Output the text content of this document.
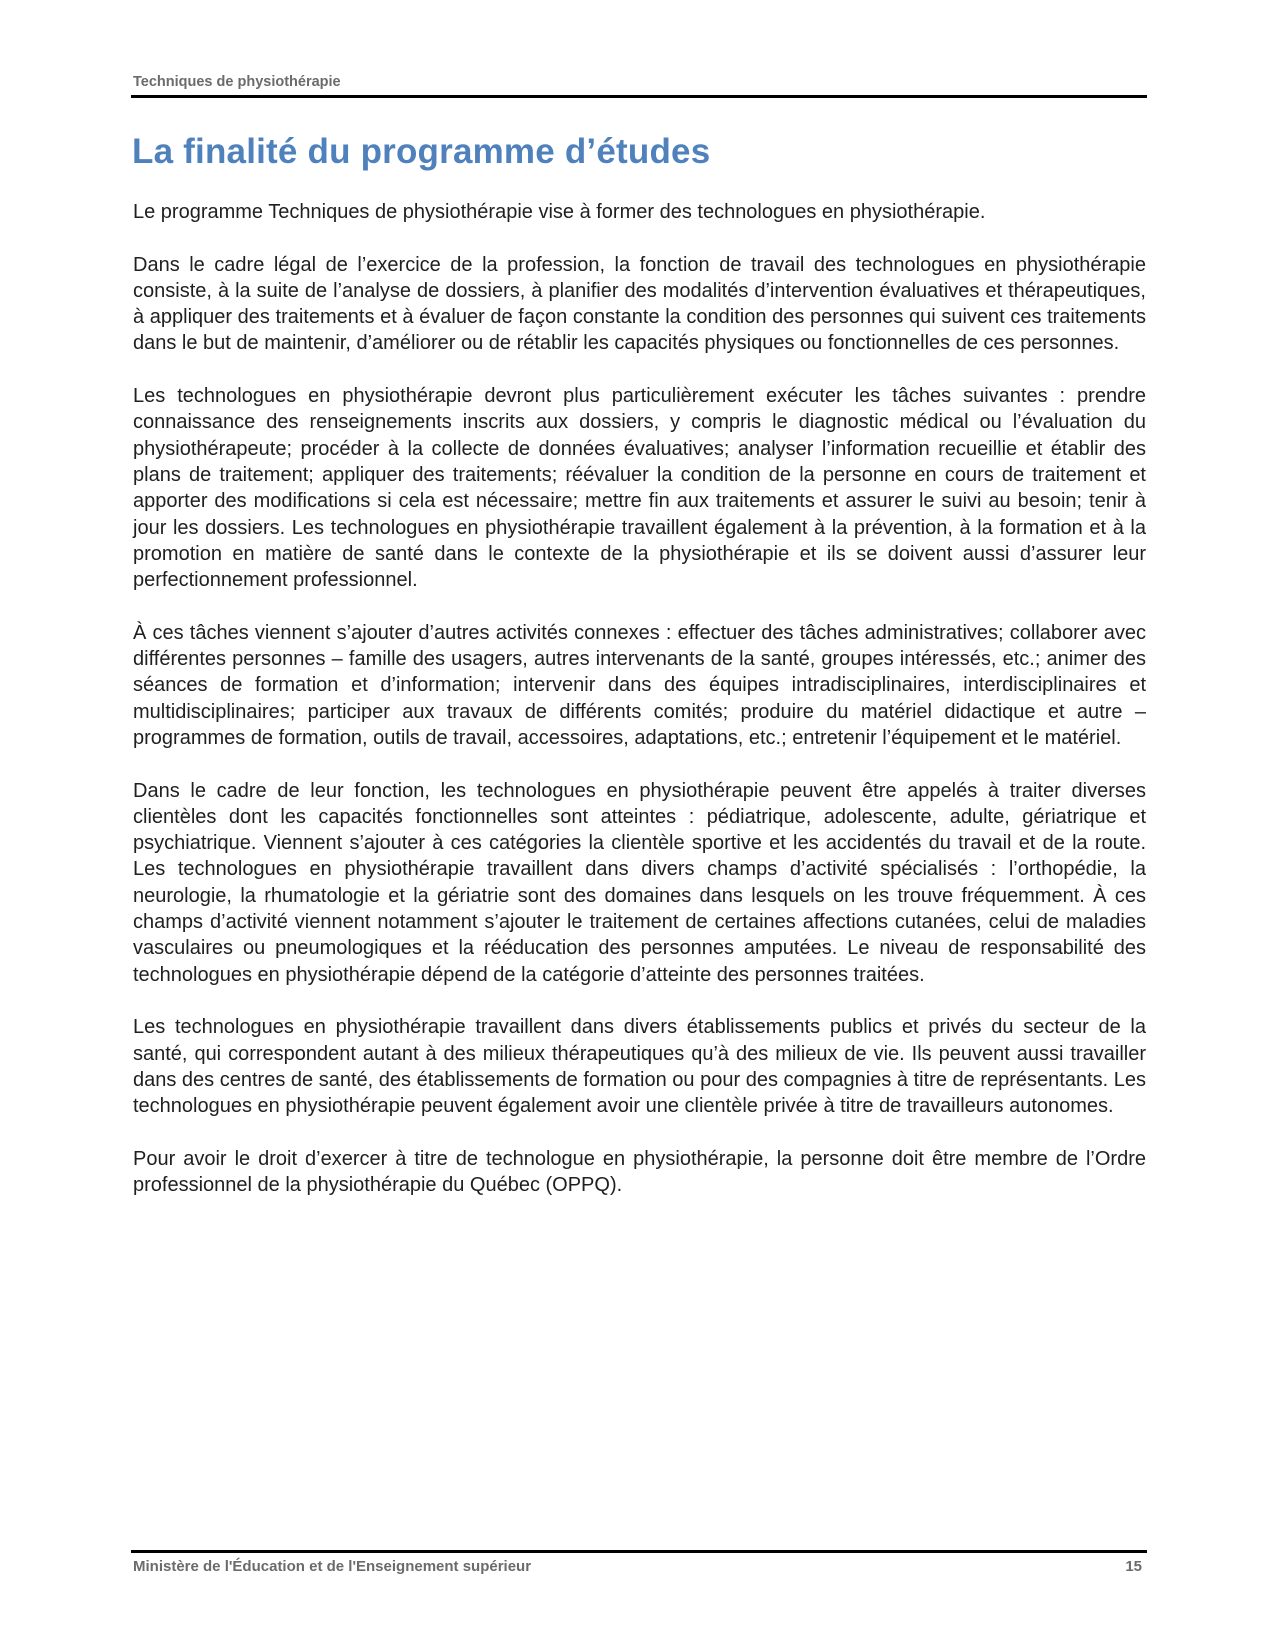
Techniques de physiothérapie
La finalité du programme d’études

Le programme Techniques de physiothérapie vise à former des technologues en physiothérapie.

Dans le cadre légal de l’exercice de la profession, la fonction de travail des technologues en physiothérapie consiste, à la suite de l’analyse de dossiers, à planifier des modalités d’intervention évaluatives et thérapeutiques, à appliquer des traitements et à évaluer de façon constante la condition des personnes qui suivent ces traitements dans le but de maintenir, d’améliorer ou de rétablir les capacités physiques ou fonctionnelles de ces personnes.

Les technologues en physiothérapie devront plus particulièrement exécuter les tâches suivantes : prendre connaissance des renseignements inscrits aux dossiers, y compris le diagnostic médical ou l’évaluation du physiothérapeute; procéder à la collecte de données évaluatives; analyser l’information recueillie et établir des plans de traitement; appliquer des traitements; réévaluer la condition de la personne en cours de traitement et apporter des modifications si cela est nécessaire; mettre fin aux traitements et assurer le suivi au besoin; tenir à jour les dossiers. Les technologues en physiothérapie travaillent également à la prévention, à la formation et à la promotion en matière de santé dans le contexte de la physiothérapie et ils se doivent aussi d’assurer leur perfectionnement professionnel.

À ces tâches viennent s’ajouter d’autres activités connexes : effectuer des tâches administratives; collaborer avec différentes personnes – famille des usagers, autres intervenants de la santé, groupes intéressés, etc.; animer des séances de formation et d’information; intervenir dans des équipes intradisciplinaires, interdisciplinaires et multidisciplinaires; participer aux travaux de différents comités; produire du matériel didactique et autre – programmes de formation, outils de travail, accessoires, adaptations, etc.; entretenir l’équipement et le matériel.

Dans le cadre de leur fonction, les technologues en physiothérapie peuvent être appelés à traiter diverses clientèles dont les capacités fonctionnelles sont atteintes : pédiatrique, adolescente, adulte, gériatrique et psychiatrique. Viennent s’ajouter à ces catégories la clientèle sportive et les accidentés du travail et de la route. Les technologues en physiothérapie travaillent dans divers champs d’activité spécialisés : l’orthopédie, la neurologie, la rhumatologie et la gériatrie sont des domaines dans lesquels on les trouve fréquemment. À ces champs d’activité viennent notamment s’ajouter le traitement de certaines affections cutanées, celui de maladies vasculaires ou pneumologiques et la rééducation des personnes amputées. Le niveau de responsabilité des technologues en physiothérapie dépend de la catégorie d’atteinte des personnes traitées.

Les technologues en physiothérapie travaillent dans divers établissements publics et privés du secteur de la santé, qui correspondent autant à des milieux thérapeutiques qu’à des milieux de vie. Ils peuvent aussi travailler dans des centres de santé, des établissements de formation ou pour des compagnies à titre de représentants. Les technologues en physiothérapie peuvent également avoir une clientèle privée à titre de travailleurs autonomes.

Pour avoir le droit d’exercer à titre de technologue en physiothérapie, la personne doit être membre de l’Ordre professionnel de la physiothérapie du Québec (OPPQ).

Ministère de l'Éducation et de l'Enseignement supérieur	15
